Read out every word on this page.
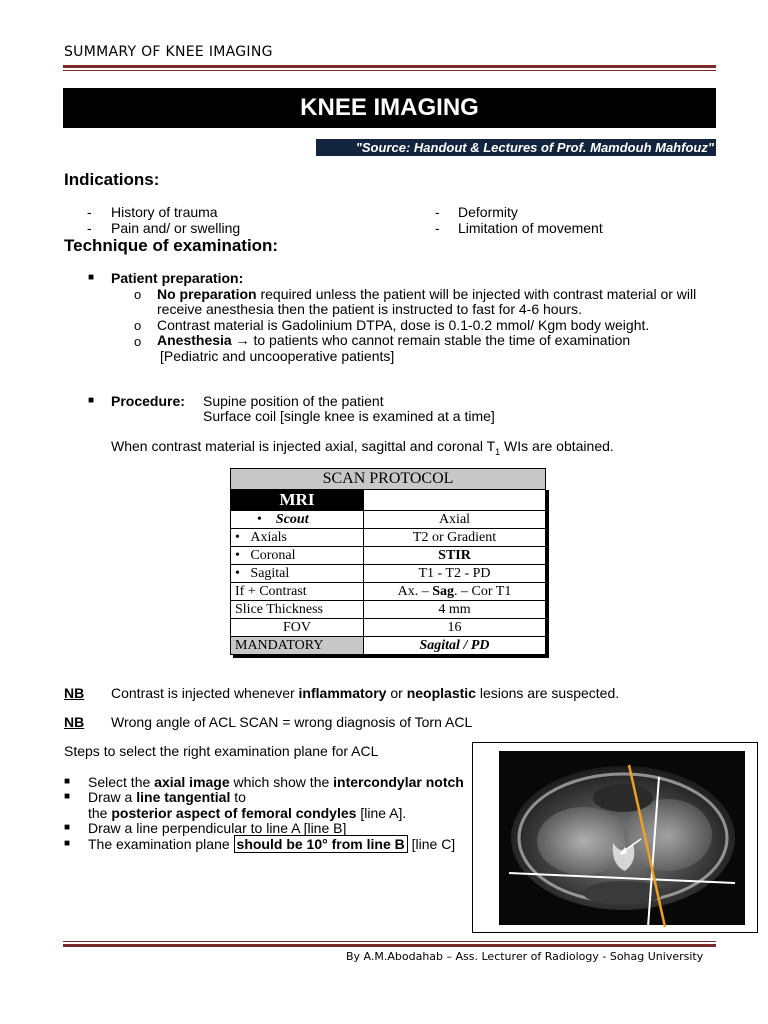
SUMMARY OF KNEE IMAGING
KNEE IMAGING
"Source: Handout & Lectures of Prof. Mamdouh Mahfouz"
Indications:
- History of trauma
- Pain and/ or swelling
- Deformity
- Limitation of movement
Technique of examination:
■ Patient preparation:
o No preparation required unless the patient will be injected with contrast material or will
receive anesthesia then the patient is instructed to fast for 4-6 hours.
o Contrast material is Gadolinium DTPA, dose is 0.1-0.2 mmol/ Kgm body weight.
o Anesthesia → to patients who cannot remain stable the time of examination
[Pediatric and uncooperative patients]
■ Procedure: Supine position of the patient
Surface coil [single knee is examined at a time]
When contrast material is injected axial, sagittal and coronal $T_1$ WIs are obtained.
SCAN PROTOCOL	
MRI	
•    Scout	Axial
•   Axials	T2 or Gradient
•   Coronal	STIR
•   Sagital	T1 - T2 - PD
If + Contrast	Ax. – Sag. – Cor T1
Slice Thickness	4 mm
FOV	16
MANDATORY	Sagital / PD
NB Contrast is injected whenever inflammatory or neoplastic lesions are suspected.
NB Wrong angle of ACL SCAN = wrong diagnosis of Torn ACL
Steps to select the right examination plane for ACL
■ Select the axial image which show the intercondylar notch
■ Draw a line tangential to
the posterior aspect of femoral condyles [line A].
■ Draw a line perpendicular to line A [line B]
■ The examination plane should be 10° from line B [line C]
By A.M.Abodahab – Ass. Lecturer of Radiology - Sohag University
